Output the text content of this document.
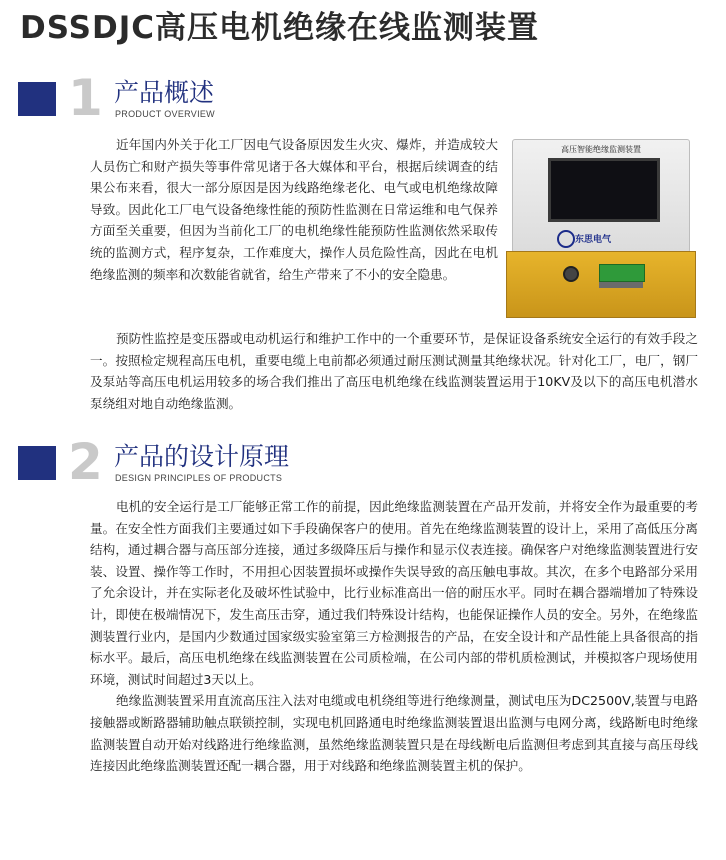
DSSDJC高压电机绝缘在线监测装置
1 产品概述
PRODUCT OVERVIEW

近年国内外关于化工厂因电气设备原因发生火灾、爆炸，并造成较大人员伤亡和财产损失等事件常见诸于各大媒体和平台，根据后续调查的结果公布来看，很大一部分原因是因为线路绝缘老化、电气或电机绝缘故障导致。因此化工厂电气设备绝缘性能的预防性监测在日常运维和电气保养方面至关重要，但因为当前化工厂的电机绝缘性能预防性监测依然采取传统的监测方式，程序复杂，工作难度大，操作人员危险性高，因此在电机绝缘监测的频率和次数能省就省，给生产带来了不小的安全隐患。

高压智能绝缘监测装置
东思电气

预防性监控是变压器或电动机运行和维护工作中的一个重要环节，是保证设备系统安全运行的有效手段之一。按照检定规程高压电机，重要电缆上电前都必须通过耐压测试测量其绝缘状况。针对化工厂，电厂，钢厂及泵站等高压电机运用较多的场合我们推出了高压电机绝缘在线监测装置运用于10KV及以下的高压电机潜水泵绕组对地自动绝缘监测。

2 产品的设计原理
DESIGN PRINCIPLES OF PRODUCTS

电机的安全运行是工厂能够正常工作的前提，因此绝缘监测装置在产品开发前，并将安全作为最重要的考量。在安全性方面我们主要通过如下手段确保客户的使用。首先在绝缘监测装置的设计上，采用了高低压分离结构，通过耦合器与高压部分连接，通过多级降压后与操作和显示仪表连接。确保客户对绝缘监测装置进行安装、设置、操作等工作时，不用担心因装置损坏或操作失误导致的高压触电事故。其次，在多个电路部分采用了允余设计，并在实际老化及破坏性试验中，比行业标准高出一倍的耐压水平。同时在耦合器端增加了特殊设计，即使在极端情况下，发生高压击穿，通过我们特殊设计结构，也能保证操作人员的安全。另外，在绝缘监测装置行业内，是国内少数通过国家级实验室第三方检测报告的产品，在安全设计和产品性能上具备很高的指标水平。最后，高压电机绝缘在线监测装置在公司质检端，在公司内部的带机质检测试，并模拟客户现场使用环境，测试时间超过3天以上。

绝缘监测装置采用直流高压注入法对电缆或电机绕组等进行绝缘测量，测试电压为DC2500V,装置与电路接触器或断路器辅助触点联锁控制，实现电机回路通电时绝缘监测装置退出监测与电网分离，线路断电时绝缘监测装置自动开始对线路进行绝缘监测，虽然绝缘监测装置只是在母线断电后监测但考虑到其直接与高压母线连接因此绝缘监测装置还配一耦合器，用于对线路和绝缘监测装置主机的保护。
